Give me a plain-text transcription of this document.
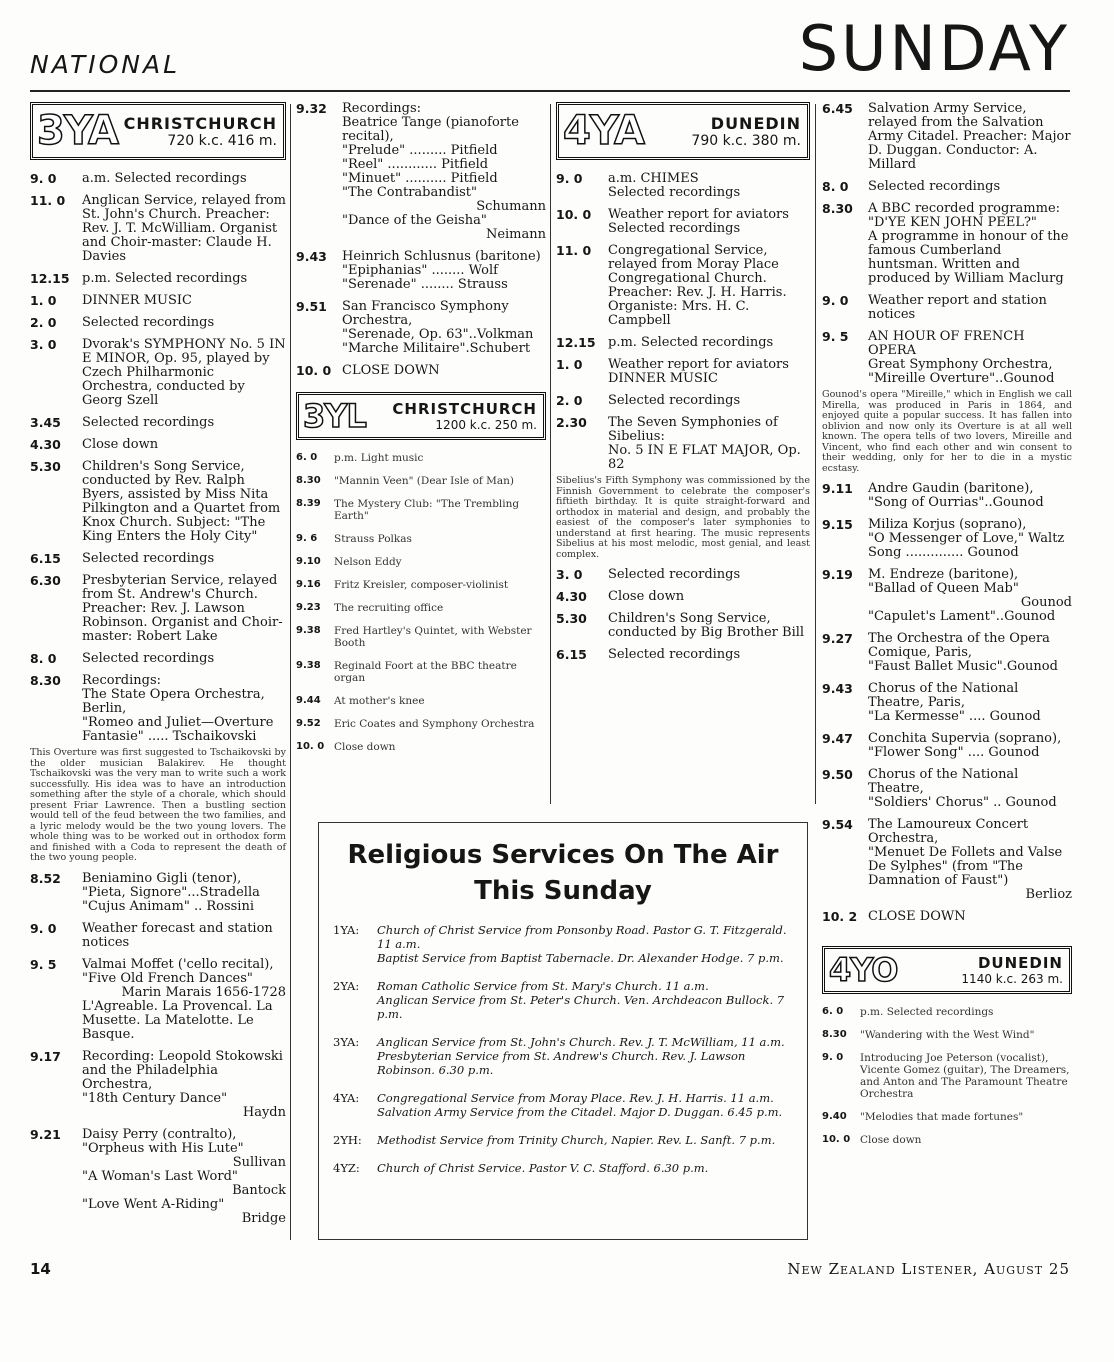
NATIONAL	SUNDAY
3YA CHRISTCHURCH
720 k.c. 416 m.
9. 0	a.m. Selected recordings
11. 0	Anglican Service, relayed from St. John's Church. Preacher: Rev. J. T. McWilliam. Organist and Choir-master: Claude H. Davies
12.15 p.m. Selected recordings
1. 0	DINNER MUSIC
2. 0	Selected recordings
3. 0	Dvorak's SYMPHONY No. 5 IN E MINOR, Op. 95, played by Czech Philharmonic Orchestra, conducted by Georg Szell
3.45	Selected recordings
4.30	Close down
5.30	Children's Song Service, conducted by Rev. Ralph Byers, assisted by Miss Nita Pilkington and a Quartet from Knox Church. Subject: "The King Enters the Holy City"
6.15	Selected recordings
6.30	Presbyterian Service, relayed from St. Andrew's Church. Preacher: Rev. J. Lawson Robinson. Organist and Choir-master: Robert Lake
8. 0	Selected recordings
8.30	Recordings:
The State Opera Orchestra, Berlin,
"Romeo and Juliet—Overture Fantasie" ..... Tschaikovski
This Overture was first suggested to Tschaikovski by the older musician Balakirev. He thought Tschaikovski was the very man to write such a work successfully. His idea was to have an introduction something after the style of a chorale, which should present Friar Lawrence. Then a bustling section would tell of the feud between the two families, and a lyric melody would be the two young lovers. The whole thing was to be worked out in orthodox form and finished with a Coda to represent the death of the two young people.
8.52	Beniamino Gigli (tenor),
"Pieta, Signore"...Stradella
"Cujus Animam" .. Rossini
9. 0	Weather forecast and station notices
9. 5	Valmai Moffet ('cello recital),
"Five Old French Dances"
Marin Marais 1656-1728
L'Agreable. La Provencal. La Musette. La Matelotte. Le Basque.
9.17	Recording: Leopold Stokowski and the Philadelphia Orchestra,
"18th Century Dance"
Haydn
9.21	Daisy Perry (contralto),
"Orpheus with His Lute"
Sullivan
"A Woman's Last Word"
Bantock
"Love Went A-Riding"
Bridge
9.32	Recordings:
Beatrice Tange (pianoforte recital),
"Prelude" ......... Pitfield
"Reel" ............ Pitfield
"Minuet" .......... Pitfield
"The Contrabandist"
Schumann
"Dance of the Geisha"
Neimann
9.43	Heinrich Schlusnus (baritone)
"Epiphanias" ........ Wolf
"Serenade" ........ Strauss
9.51	San Francisco Symphony Orchestra,
"Serenade, Op. 63"..Volkman
"Marche Militaire".Schubert
10. 0 CLOSE DOWN
3YL CHRISTCHURCH
1200 k.c. 250 m.
6. 0	p.m. Light music
8.30	"Mannin Veen" (Dear Isle of Man)
8.39	The Mystery Club: "The Trembling Earth"
9. 6	Strauss Polkas
9.10	Nelson Eddy
9.16	Fritz Kreisler, composer-violinist
9.23	The recruiting office
9.38	Fred Hartley's Quintet, with Webster Booth
9.38	Reginald Foort at the BBC theatre organ
9.44	At mother's knee
9.52	Eric Coates and Symphony Orchestra
10. 0 Close down
4YA	DUNEDIN
790 k.c. 380 m.
9. 0	a.m. CHIMES
Selected recordings
10. 0	Weather report for aviators
Selected recordings
11. 0	Congregational Service, relayed from Moray Place Congregational Church. Preacher: Rev. J. H. Harris. Organiste: Mrs. H. C. Campbell
12.15 p.m. Selected recordings
1. 0	Weather report for aviators
DINNER MUSIC
2. 0	Selected recordings
2.30	The Seven Symphonies of Sibelius:
No. 5 IN E FLAT MAJOR, Op. 82
Sibelius's Fifth Symphony was commissioned by the Finnish Government to celebrate the composer's fiftieth birthday. It is quite straight-forward and orthodox in material and design, and probably the easiest of the composer's later symphonies to understand at first hearing. The music represents Sibelius at his most melodic, most genial, and least complex.
3. 0	Selected recordings
4.30	Close down
5.30	Children's Song Service, conducted by Big Brother Bill
6.15	Selected recordings
6.45	Salvation Army Service, relayed from the Salvation Army Citadel. Preacher: Major D. Duggan. Conductor: A. Millard
8. 0	Selected recordings
8.30	A BBC recorded programme: "D'YE KEN JOHN PEEL?"
A programme in honour of the famous Cumberland huntsman. Written and produced by William Maclurg
9. 0	Weather report and station notices
9. 5	AN HOUR OF FRENCH OPERA
Great Symphony Orchestra,
"Mireille Overture"..Gounod
Gounod's opera "Mireille," which in English we call Mirella, was produced in Paris in 1864, and enjoyed quite a popular success. It has fallen into oblivion and now only its Overture is at all well known. The opera tells of two lovers, Mireille and Vincent, who find each other and win consent to their wedding, only for her to die in a mystic ecstasy.
9.11	Andre Gaudin (baritone),
"Song of Ourrias"..Gounod
9.15	Miliza Korjus (soprano),
"O Messenger of Love," Waltz Song .............. Gounod
9.19	M. Endreze (baritone),
"Ballad of Queen Mab"
Gounod
"Capulet's Lament"..Gounod
9.27	The Orchestra of the Opera Comique, Paris,
"Faust Ballet Music".Gounod
9.43	Chorus of the National Theatre, Paris,
"La Kermesse" .... Gounod
9.47	Conchita Supervia (soprano),
"Flower Song" .... Gounod
9.50	Chorus of the National Theatre,
"Soldiers' Chorus" .. Gounod
9.54	The Lamoureux Concert Orchestra,
"Menuet De Follets and Valse De Sylphes" (from "The Damnation of Faust")
Berlioz
10. 2 CLOSE DOWN
4YO	DUNEDIN
1140 k.c. 263 m.
6. 0	p.m. Selected recordings
8.30	"Wandering with the West Wind"
9. 0	Introducing Joe Peterson (vocalist), Vicente Gomez (guitar), The Dreamers, and Anton and The Paramount Theatre Orchestra
9.40	"Melodies that made fortunes"
10. 0 Close down
Religious Services On The Air
This Sunday
1YA:	Church of Christ Service from Ponsonby Road. Pastor G. T. Fitzgerald. 11 a.m.
Baptist Service from Baptist Tabernacle. Dr. Alexander Hodge. 7 p.m.
2YA:	Roman Catholic Service from St. Mary's Church. 11 a.m.
Anglican Service from St. Peter's Church. Ven. Archdeacon Bullock. 7 p.m.
3YA:	Anglican Service from St. John's Church. Rev. J. T. McWilliam, 11 a.m.
Presbyterian Service from St. Andrew's Church. Rev. J. Lawson Robinson. 6.30 p.m.
4YA:	Congregational Service from Moray Place. Rev. J. H. Harris. 11 a.m.
Salvation Army Service from the Citadel. Major D. Duggan. 6.45 p.m.
2YH:	Methodist Service from Trinity Church, Napier. Rev. L. Sanft. 7 p.m.
4YZ:	Church of Christ Service. Pastor V. C. Stafford. 6.30 p.m.
14	New Zealand Listener, August 25
